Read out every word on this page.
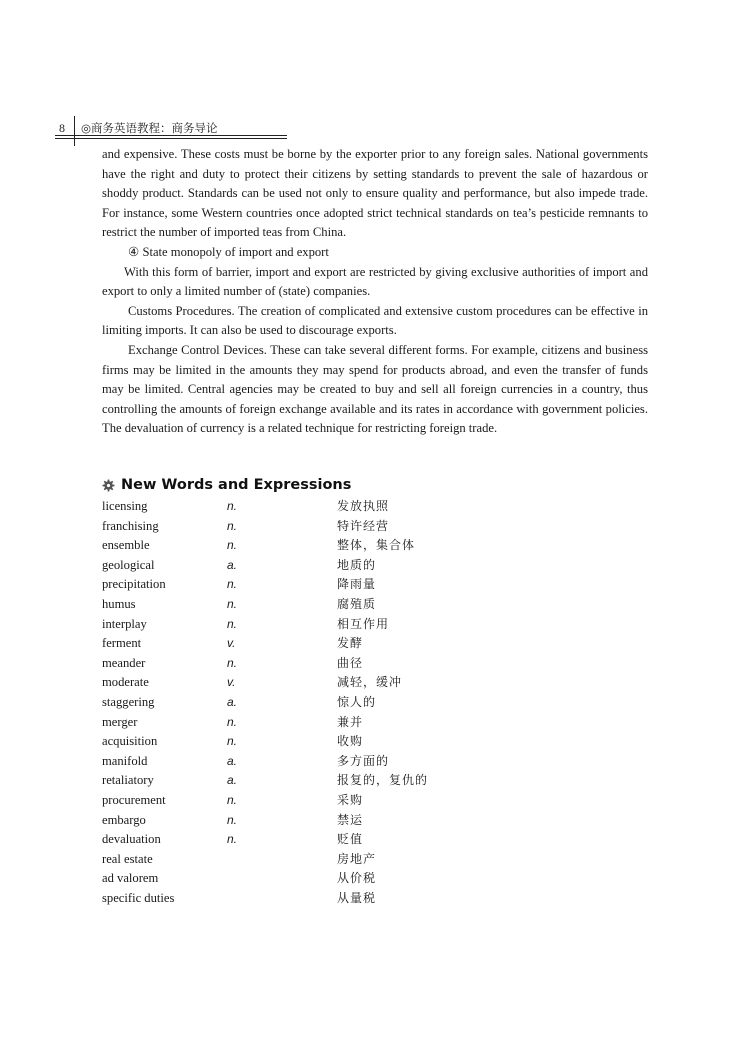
8 ◎商务英语教程：商务导论

and expensive. These costs must be borne by the exporter prior to any foreign sales. National governments have the right and duty to protect their citizens by setting standards to prevent the sale of hazardous or shoddy product. Standards can be used not only to ensure quality and performance, but also impede trade. For instance, some Western countries once adopted strict technical standards on tea’s pesticide remnants to restrict the number of imported teas from China.

④ State monopoly of import and export

With this form of barrier, import and export are restricted by giving exclusive authorities of import and export to only a limited number of (state) companies.

Customs Procedures. The creation of complicated and extensive custom procedures can be effective in limiting imports. It can also be used to discourage exports.

Exchange Control Devices. These can take several different forms. For example, citizens and business firms may be limited in the amounts they may spend for products abroad, and even the transfer of funds may be limited. Central agencies may be created to buy and sell all foreign currencies in a country, thus controlling the amounts of foreign exchange available and its rates in accordance with government policies. The devaluation of currency is a related technique for restricting foreign trade.

New Words and Expressions
licensing	n.	发放执照
franchising	n.	特许经营
ensemble	n.	整体，集合体
geological	a.	地质的
precipitation	n.	降雨量
humus	n.	腐殖质
interplay	n.	相互作用
ferment	v.	发酵
meander	n.	曲径
moderate	v.	减轻，缓冲
staggering	a.	惊人的
merger	n.	兼并
acquisition	n.	收购
manifold	a.	多方面的
retaliatory	a.	报复的，复仇的
procurement	n.	采购
embargo	n.	禁运
devaluation	n.	贬值
real estate	房地产
ad valorem	从价税
specific duties	从量税
